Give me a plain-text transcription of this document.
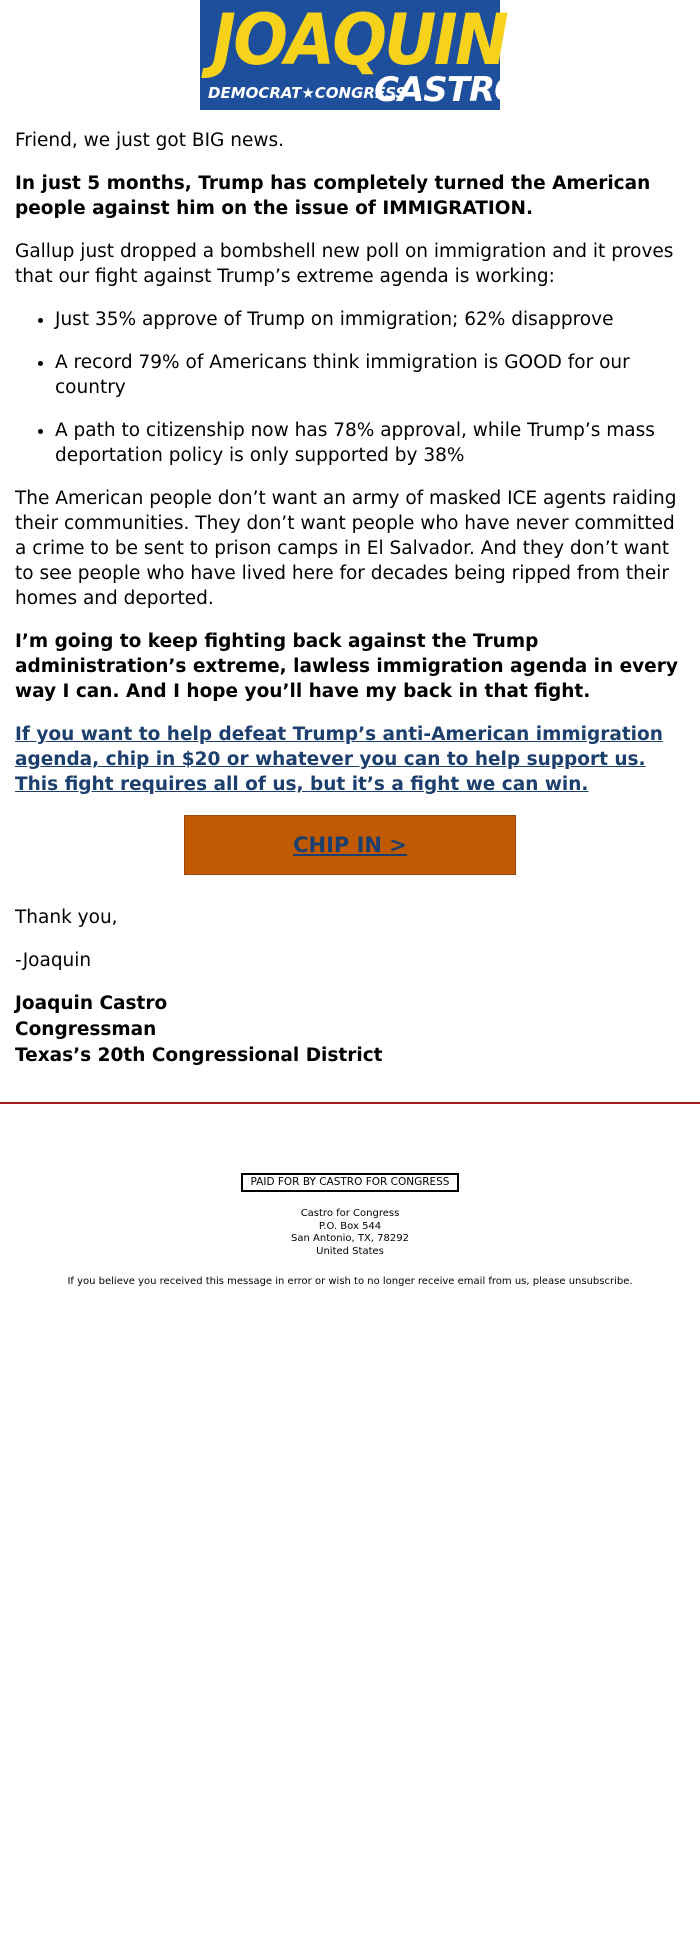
JOAQUIN
DEMOCRAT★CONGRESS
CASTRO

Friend, we just got BIG news.

In just 5 months, Trump has completely turned the American people against him on the issue of IMMIGRATION.

Gallup just dropped a bombshell new poll on immigration and it proves that our fight against Trump’s extreme agenda is working:

• Just 35% approve of Trump on immigration; 62% disapprove
• A record 79% of Americans think immigration is GOOD for our country
• A path to citizenship now has 78% approval, while Trump’s mass deportation policy is only supported by 38%

The American people don’t want an army of masked ICE agents raiding their communities. They don’t want people who have never committed a crime to be sent to prison camps in El Salvador. And they don’t want to see people who have lived here for decades being ripped from their homes and deported.

I’m going to keep fighting back against the Trump administration’s extreme, lawless immigration agenda in every way I can. And I hope you’ll have my back in that fight.

If you want to help defeat Trump’s anti-American immigration agenda, chip in $20 or whatever you can to help support us. This fight requires all of us, but it’s a fight we can win.

CHIP IN >

Thank you,

-Joaquin

Joaquin Castro
Congressman
Texas’s 20th Congressional District
PAID FOR BY CASTRO FOR CONGRESS
Castro for Congress
P.O. Box 544
San Antonio, TX, 78292
United States
If you believe you received this message in error or wish to no longer receive email from us, please unsubscribe.
